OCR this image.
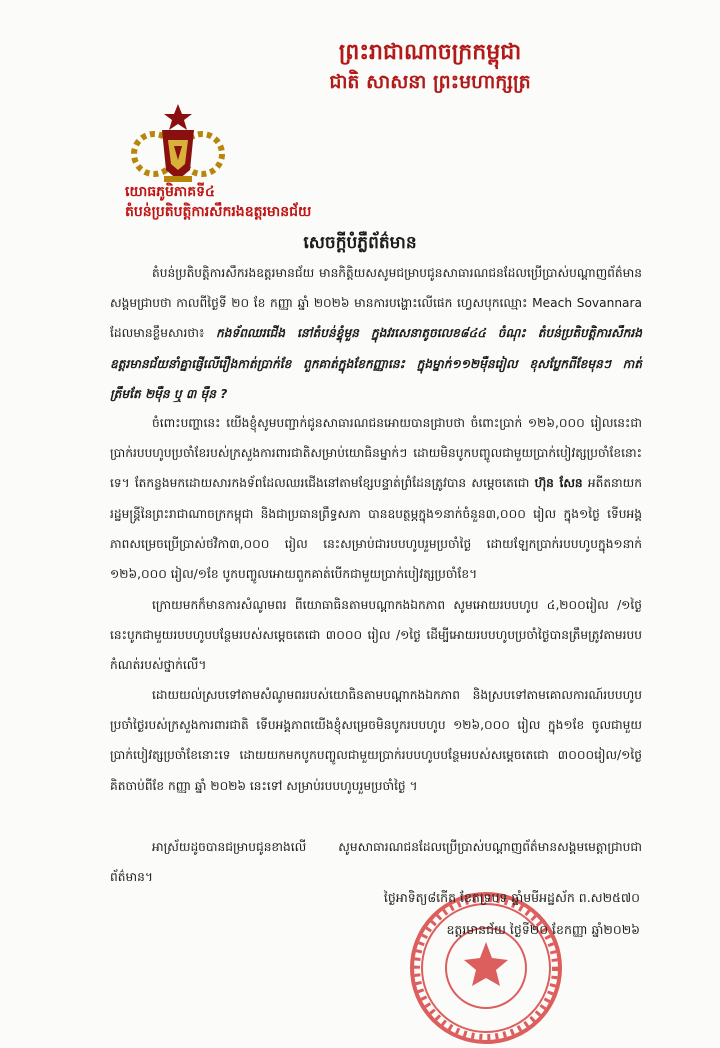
ព្រះរាជាណាចក្រកម្ពុជា
ជាតិ សាសនា ព្រះមហាក្សត្រ
យោធភូមិភាគទី៤
តំបន់ប្រតិបត្តិការសឹករងឧត្តរមានជ័យ
សេចក្ដីបំភ្លឺព័ត៌មាន
តំបន់ប្រតិបត្តិការសឹករងឧត្តរមានជ័យ មានកិត្តិយសសូមជម្រាបជូនសាធារណជនដែលប្រើប្រាស់បណ្ដាញព័ត៌មានសង្គមជ្រាបថា កាលពីថ្ងៃទី ២០ ខែ កញ្ញា ឆ្នាំ ២០២៦ មានការបង្ហោះលើផេក ហ្វេសបុកឈ្មោះ Meach Sovannara ដែលមានខ្លឹមសារថា៖ កងទ័ពឈរជើង នៅតំបន់ខ្ទុំមួន ក្នុងវរសេនាតូចលេខ៨៤៤ ចំណុះ តំបន់ប្រតិបត្តិការសឹករងឧត្ដរមានជ័យនាំគ្នាផ្ញើលើរឿងកាត់ប្រាក់ខែ ពួកគាត់ក្នុងខែកញ្ញានេះ ក្នុងម្នាក់១១២ម៉ឺនរៀល ខុសប្លែកពីខែមុនៗ កាត់ត្រឹមតែ ២ម៉ឺន ឬ ៣ ម៉ឺន ?
ចំពោះបញ្ហានេះ យើងខ្ញុំសូមបញ្ជាក់ជូនសាធារណជនអោយបានជ្រាបថា ចំពោះប្រាក់ ១២៦,០០០ រៀលនេះជាប្រាក់របបហូបប្រចាំខែរបស់ក្រសួងការពារជាតិសម្រាប់យោធិនម្នាក់ៗ ដោយមិនបូកបញ្ចូលជាមួយប្រាក់បៀវត្សប្រចាំខែនោះទេ។ តែកន្លងមកដោយសារកងទ័ពដែលឈរជើងនៅតាមខ្សែបន្ទាត់ព្រំដែនត្រូវបាន សម្ដេចតេជោ ហ៊ុន សែន អតីតនាយករដ្ឋមន្ត្រីនៃព្រះរាជាណាចក្រកម្ពុជា និងជាប្រធានព្រឹទ្ធសភា បានឧបត្ថម្ភក្នុង១នាក់ចំនួន៣,០០០ រៀល ក្នុង១ថ្ងៃ ទើបអង្គភាពសម្រេចប្រើប្រាស់ថវិកា៣,០០០ រៀល នេះសម្រាប់ជារបបហូបរួមប្រចាំថ្ងៃ ដោយឡែកប្រាក់របបហូបក្នុង១នាក់ ១២៦,០០០ រៀល/១ខែ បូកបញ្ចូលអោយពួកគាត់បើកជាមួយប្រាក់បៀវត្សប្រចាំខែ។
ក្រោយមកក៏មានការសំណូមពរ ពីយោធាធិនតាមបណ្ដាកងឯកភាព សូមអោយរបបហូប ៤,២០០រៀល /១ថ្ងៃ នេះបូកជាមួយរបបហូបបន្ថែមរបស់សម្ដេចតេជោ ៣០០០ រៀល /១ថ្ងៃ ដើម្បីអោយរបបហូបប្រចាំថ្ងៃបានត្រឹមត្រូវតាមរបបកំណត់របស់ថ្នាក់លើ។
ដោយយល់ស្របទៅតាមសំណូមពររបស់យោធិនតាមបណ្ដាកងឯកភាព និងស្របទៅតាមគោលការណ៍របបហូបប្រចាំថ្ងៃរបស់ក្រសួងការពារជាតិ ទើបអង្គភាពយើងខ្ញុំសម្រេចមិនបូករបបហូប ១២៦,០០០ រៀល ក្នុង១ខែ ចូលជាមួយប្រាក់បៀវត្សប្រចាំខែនោះទេ ដោយយកមកបូកបញ្ចូលជាមួយប្រាក់របបហូបបន្ថែមរបស់សម្ដេចតេជោ ៣០០០រៀល/១ថ្ងៃ គិតចាប់ពីខែ កញ្ញា ឆ្នាំ ២០២៦ នេះទៅ សម្រាប់របបហូបរួមប្រចាំថ្ងៃ ។
អាស្រ័យដូចបានជម្រាបជូនខាងលើ សូមសាធារណជនដែលប្រើប្រាស់បណ្ដាញព័ត៌មានសង្គមមេត្តាជ្រាបជាព័ត៌មាន។
ថ្ងៃអាទិត្យ៨កើត ខែភទ្របទ ឆ្នាំមមីអដ្ឋស័ក ព.ស២៥៧០
ឧត្តរមានជ័យ ថ្ងៃទី២០ ខែកញ្ញា ឆ្នាំ២០២៦
